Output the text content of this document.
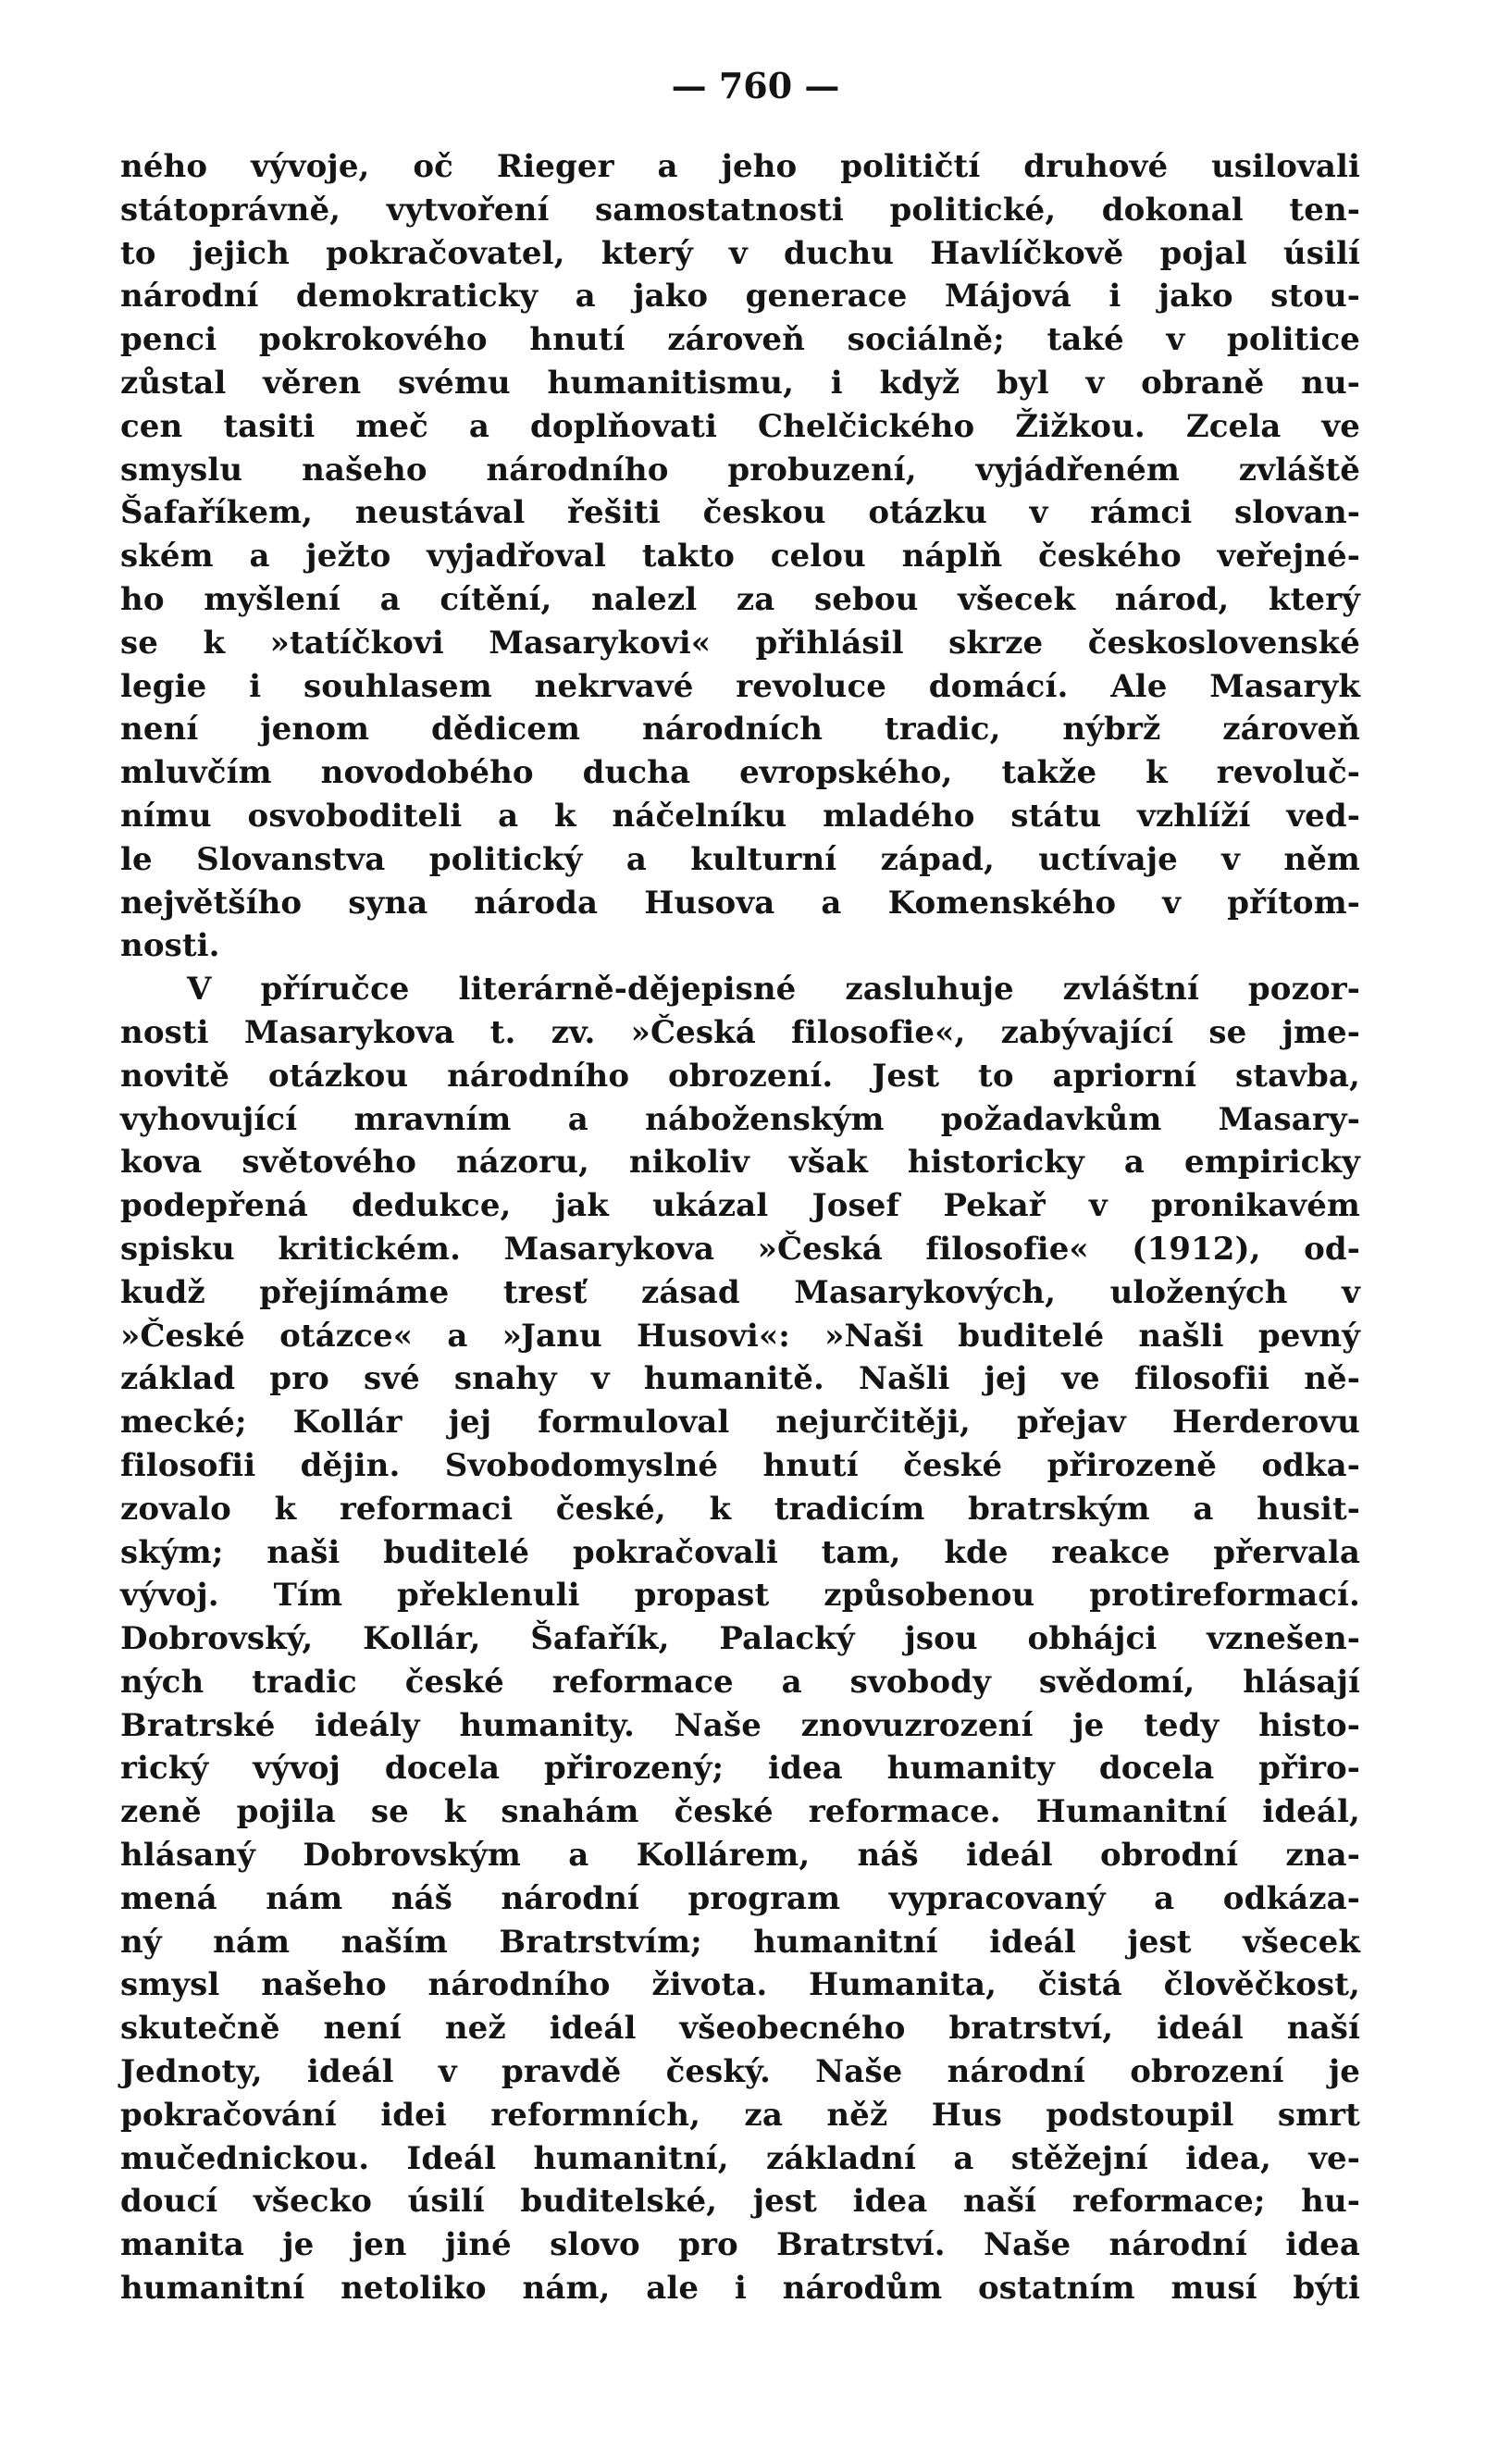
— 760 —
ného vývoje, oč Rieger a jeho političtí druhové usilovali
státoprávně, vytvoření samostatnosti politické, dokonal ten-
to jejich pokračovatel, který v duchu Havlíčkově pojal úsilí
národní demokraticky a jako generace Májová i jako stou-
penci pokrokového hnutí zároveň sociálně; také v politice
zůstal věren svému humanitismu, i když byl v obraně nu-
cen tasiti meč a doplňovati Chelčického Žižkou. Zcela ve
smyslu našeho národního probuzení, vyjádřeném zvláště
Šafaříkem, neustával řešiti českou otázku v rámci slovan-
ském a ježto vyjadřoval takto celou náplň českého veřejné-
ho myšlení a cítění, nalezl za sebou všecek národ, který
se k »tatíčkovi Masarykovi« přihlásil skrze československé
legie i souhlasem nekrvavé revoluce domácí. Ale Masaryk
není jenom dědicem národních tradic, nýbrž zároveň
mluvčím novodobého ducha evropského, takže k revoluč-
nímu osvoboditeli a k náčelníku mladého státu vzhlíží ved-
le Slovanstva politický a kulturní západ, uctívaje v něm
největšího syna národa Husova a Komenského v přítom-
nosti.
V příručce literárně-dějepisné zasluhuje zvláštní pozor-
nosti Masarykova t. zv. »Česká filosofie«, zabývající se jme-
novitě otázkou národního obrození. Jest to apriorní stavba,
vyhovující mravním a náboženským požadavkům Masary-
kova světového názoru, nikoliv však historicky a empiricky
podepřená dedukce, jak ukázal Josef Pekař v pronikavém
spisku kritickém. Masarykova »Česká filosofie« (1912), od-
kudž přejímáme tresť zásad Masarykových, uložených v
»České otázce« a »Janu Husovi«: »Naši buditelé našli pevný
základ pro své snahy v humanitě. Našli jej ve filosofii ně-
mecké; Kollár jej formuloval nejurčitěji, přejav Herderovu
filosofii dějin. Svobodomyslné hnutí české přirozeně odka-
zovalo k reformaci české, k tradicím bratrským a husit-
ským; naši buditelé pokračovali tam, kde reakce přervala
vývoj. Tím překlenuli propast způsobenou protireformací.
Dobrovský, Kollár, Šafařík, Palacký jsou obhájci vznešen-
ných tradic české reformace a svobody svědomí, hlásají
Bratrské ideály humanity. Naše znovuzrození je tedy histo-
rický vývoj docela přirozený; idea humanity docela přiro-
zeně pojila se k snahám české reformace. Humanitní ideál,
hlásaný Dobrovským a Kollárem, náš ideál obrodní zna-
mená nám náš národní program vypracovaný a odkáza-
ný nám naším Bratrstvím; humanitní ideál jest všecek
smysl našeho národního života. Humanita, čistá člověčkost,
skutečně není než ideál všeobecného bratrství, ideál naší
Jednoty, ideál v pravdě český. Naše národní obrození je
pokračování idei reformních, za něž Hus podstoupil smrt
mučednickou. Ideál humanitní, základní a stěžejní idea, ve-
doucí všecko úsilí buditelské, jest idea naší reformace; hu-
manita je jen jiné slovo pro Bratrství. Naše národní idea
humanitní netoliko nám, ale i národům ostatním musí býti
